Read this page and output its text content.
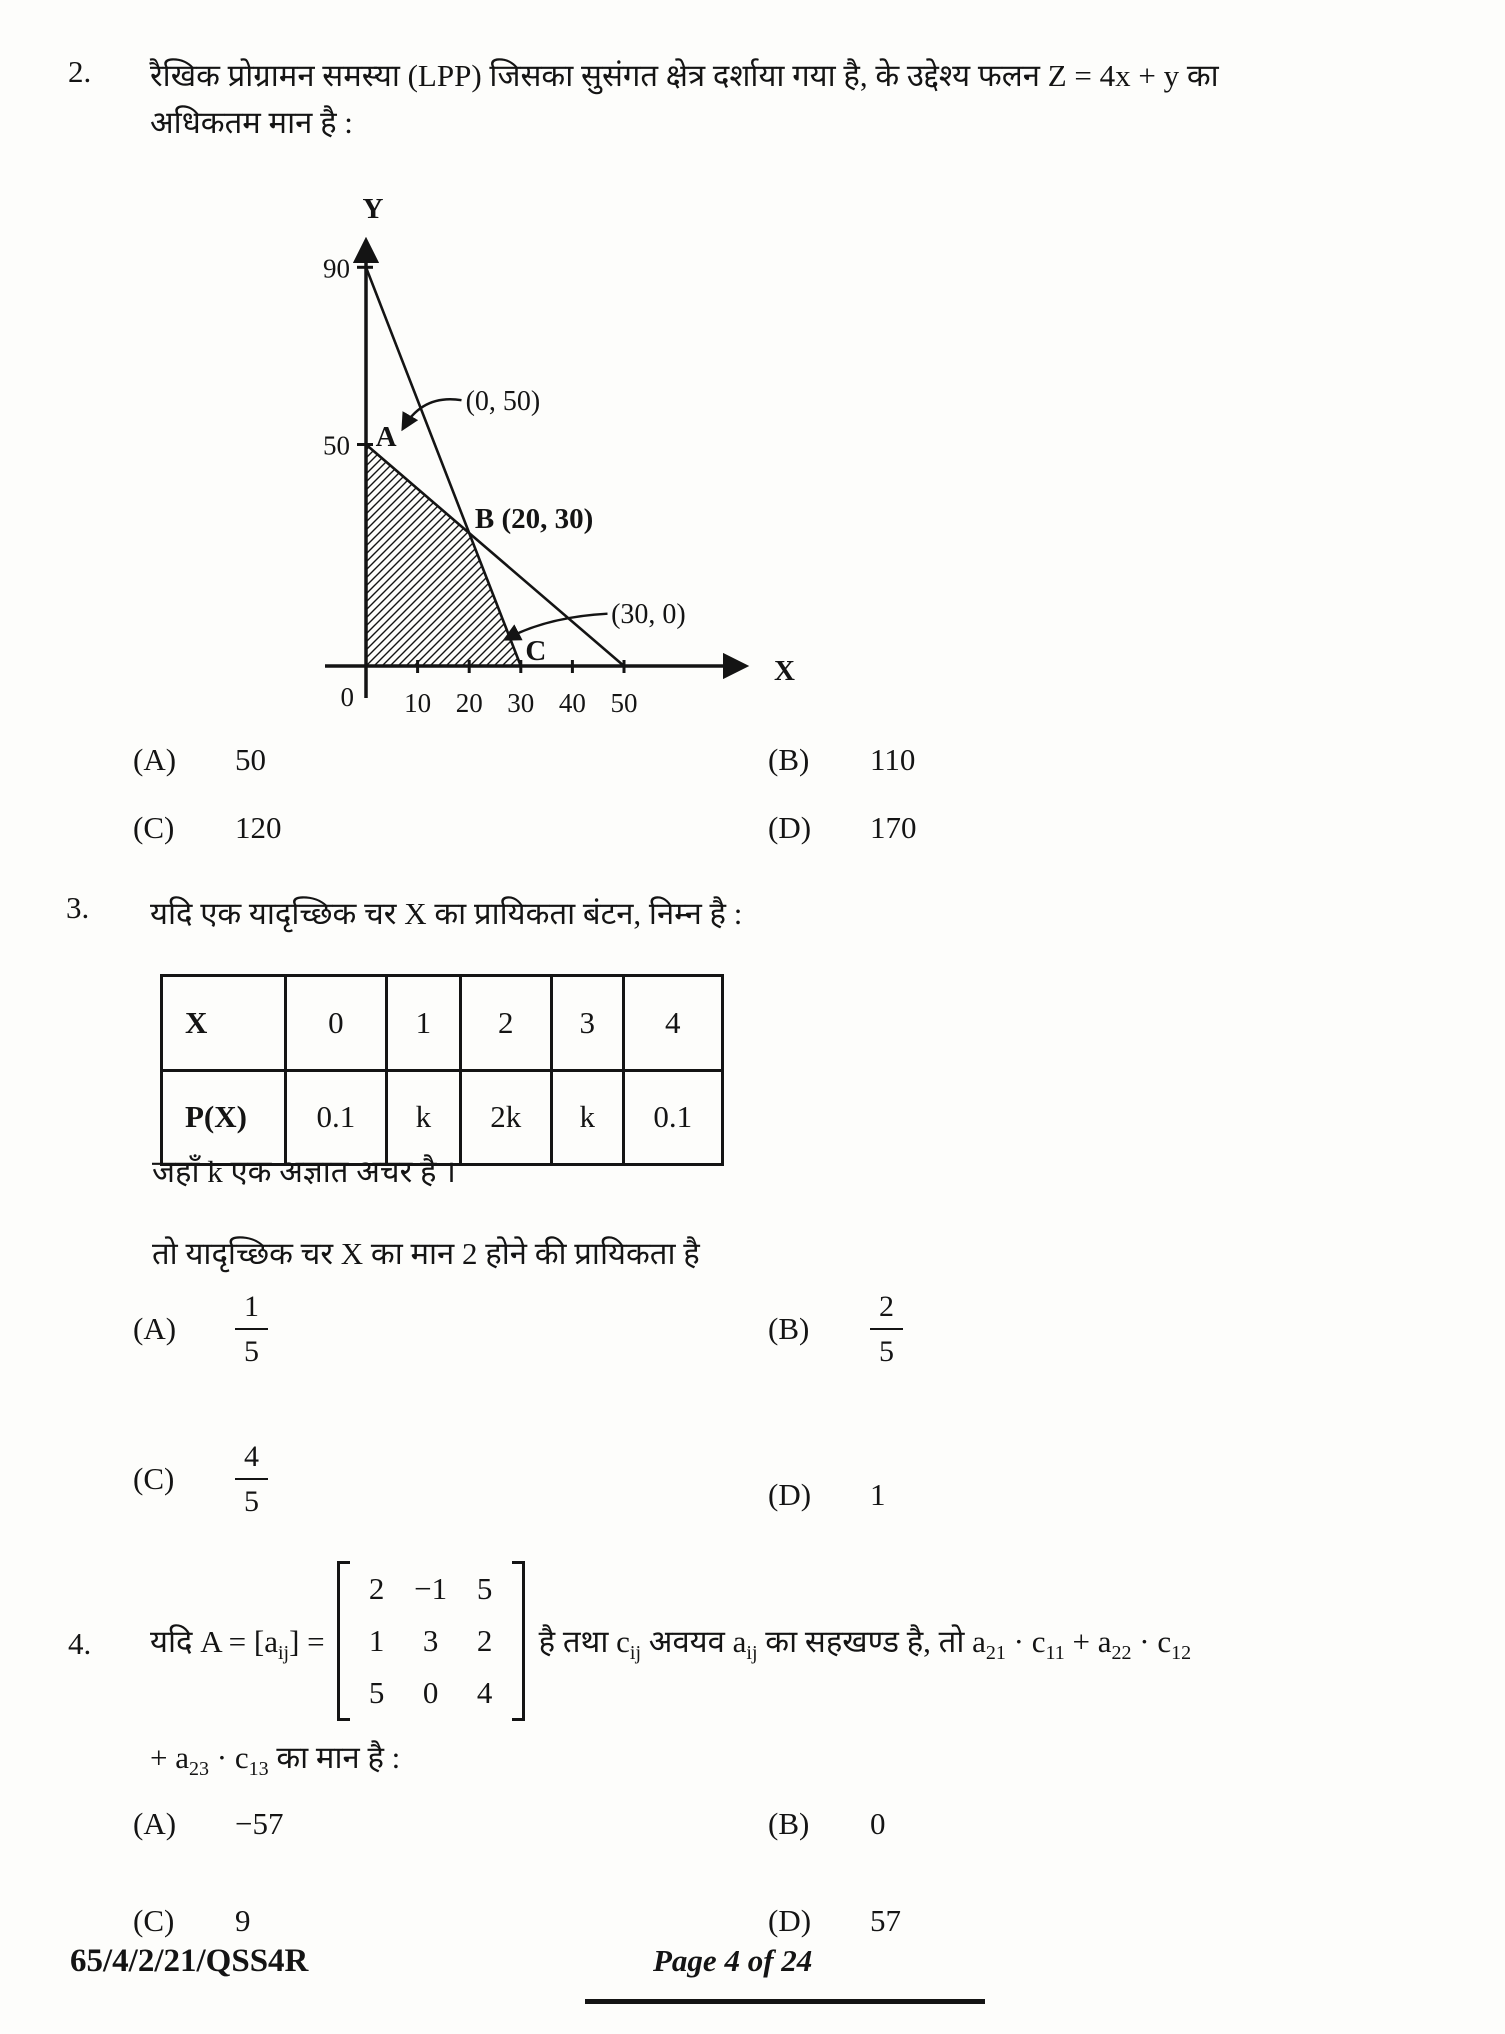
2. रैखिक प्रोग्रामन समस्या (LPP) जिसका सुसंगत क्षेत्र दर्शाया गया है, के उद्देश्य फलन Z = 4x + y का
अधिकतम मान है :
X
Y
10 20 30 40 50
50
90
0
A
B (20, 30)
C
(0, 50)
(30, 0)
(A)	50	(B)	110
(C)	120	(D)	170
3. यदि एक यादृच्छिक चर X का प्रायिकता बंटन, निम्न है :
X	0	1	2	3	4
P(X)	0.1	k	2k	k	0.1
जहाँ k एक अज्ञात अचर है ।
तो यादृच्छिक चर X का मान 2 होने की प्रायिकता है
(A)	$\frac{1}{5}$	(B)	$\frac{2}{5}$
(C)	$\frac{4}{5}$	(D)	1
4. यदि $A = [a_{ij}]$ =
2 −1 5
1	3	2
5	0	4
है तथा $c_{ij}$ अवयव $a_{ij}$ का सहखण्ड है, तो $a_{21} \cdot c_{11} + a_{22} \cdot c_{12}$
+ $a_{23} \cdot c_{13}$ का मान है :
(A)	−57	(B)	0
(C)	9	(D)	57
65/4/2/21/QSS4R	Page 4 of 24
